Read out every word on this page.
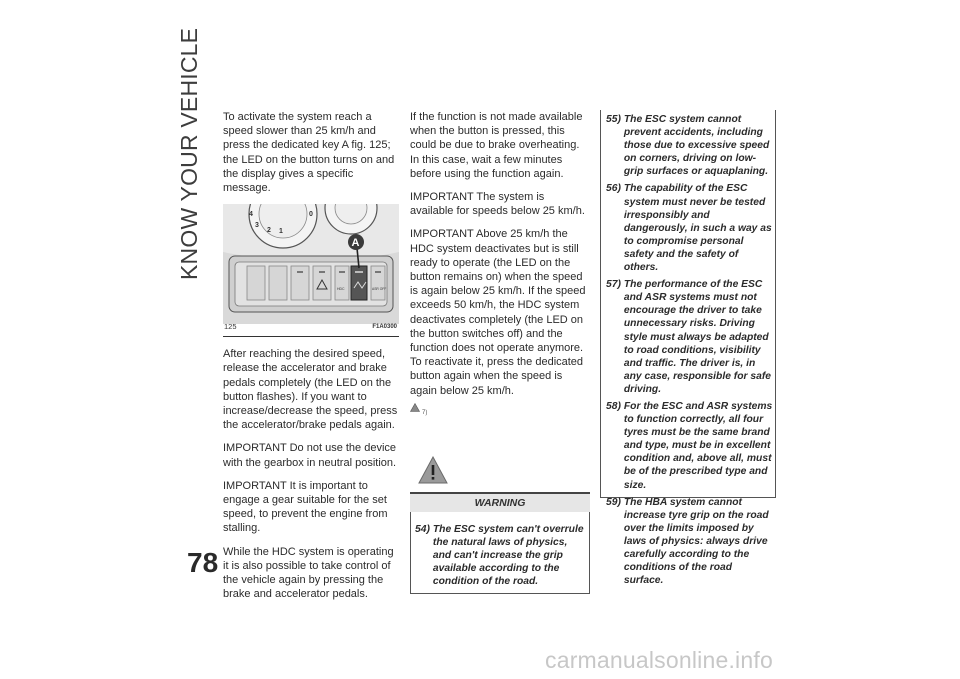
KNOW YOUR VEHICLE
78

To activate the system reach a speed slower than 25 km/h and press the dedicated key A fig. 125; the LED on the button turns on and the display gives a specific message.

4
3
2 1
0
HDC	ASR OFF
A
125	F1A0300

After reaching the desired speed, release the accelerator and brake pedals completely (the LED on the button flashes). If you want to increase/decrease the speed, press the accelerator/brake pedals again.

IMPORTANT Do not use the device with the gearbox in neutral position.

IMPORTANT It is important to engage a gear suitable for the set speed, to prevent the engine from stalling.

While the HDC system is operating it is also possible to take control of the vehicle again by pressing the brake and accelerator pedals.

If the function is not made available when the button is pressed, this could be due to brake overheating. In this case, wait a few minutes before using the function again.

IMPORTANT The system is available for speeds below 25 km/h.

IMPORTANT Above 25 km/h the HDC system deactivates but is still ready to operate (the LED on the button remains on) when the speed is again below 25 km/h. If the speed exceeds 50 km/h, the HDC system deactivates completely (the LED on the button switches off) and the function does not operate anymore. To reactivate it, press the dedicated button again when the speed is again below 25 km/h.

7)
WARNING
54) The ESC system can't overrule the natural laws of physics, and can't increase the grip available according to the condition of the road.
55) The ESC system cannot prevent accidents, including those due to excessive speed on corners, driving on low-grip surfaces or aquaplaning.
56) The capability of the ESC system must never be tested irresponsibly and dangerously, in such a way as to compromise personal safety and the safety of others.
57) The performance of the ESC and ASR systems must not encourage the driver to take unnecessary risks. Driving style must always be adapted to road conditions, visibility and traffic. The driver is, in any case, responsible for safe driving.
58) For the ESC and ASR systems to function correctly, all four tyres must be the same brand and type, must be in excellent condition and, above all, must be of the prescribed type and size.
59) The HBA system cannot increase tyre grip on the road over the limits imposed by laws of physics: always drive carefully according to the conditions of the road surface.
carmanualsonline.info
